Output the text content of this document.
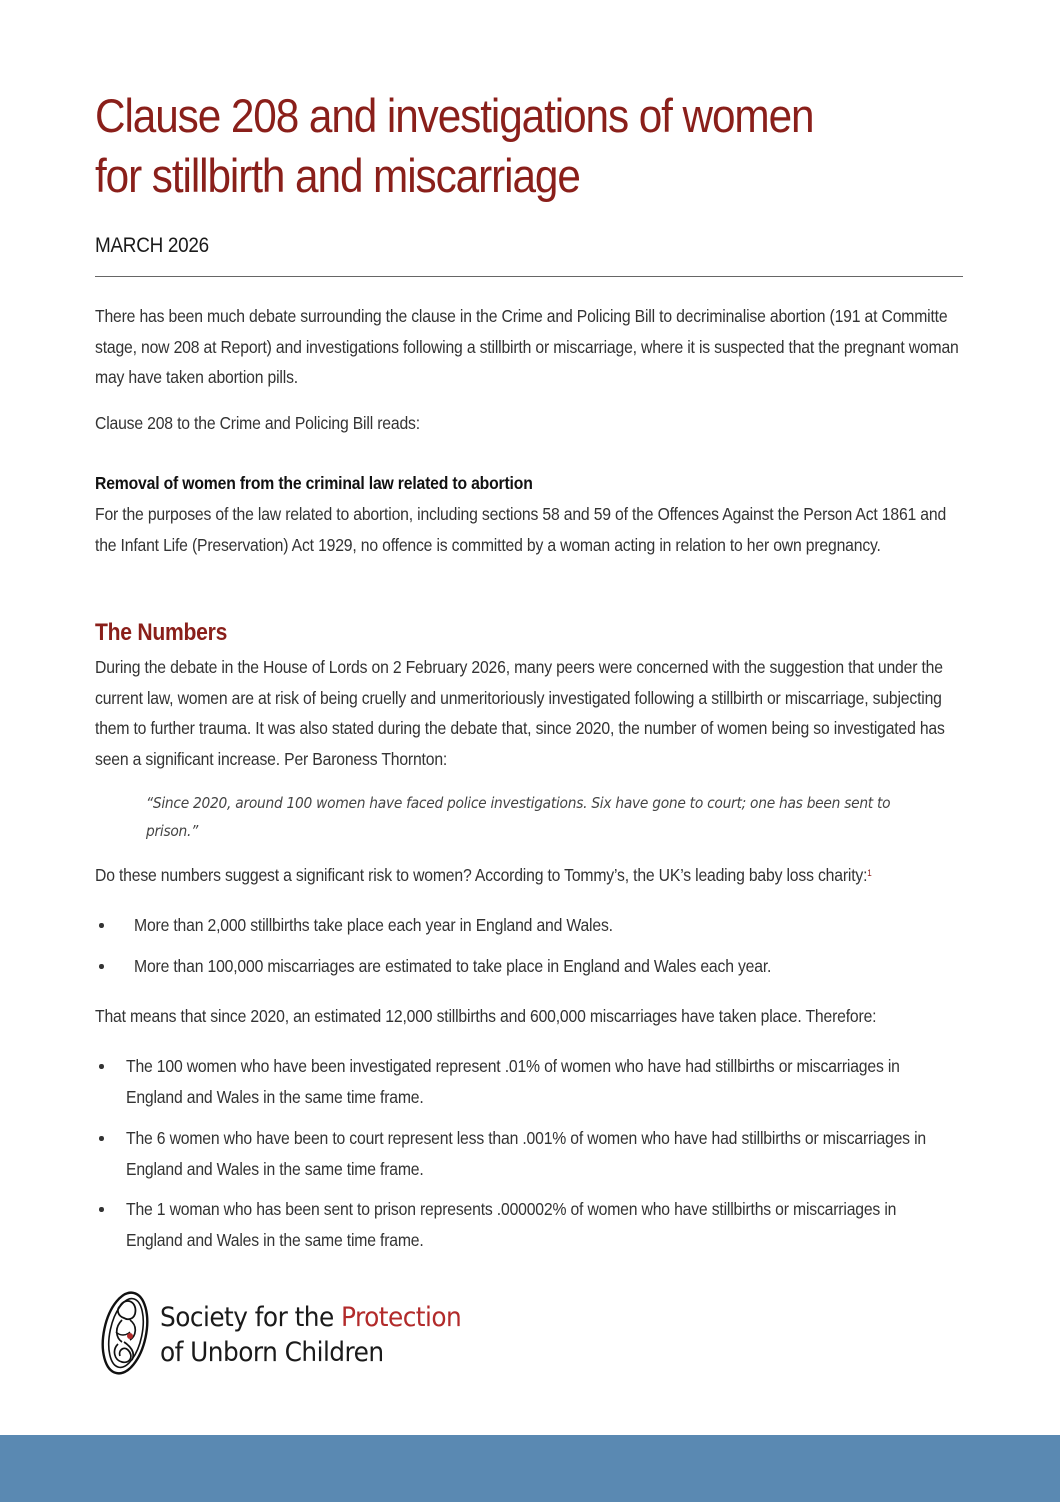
Clause 208 and investigations of women
for stillbirth and miscarriage
MARCH 2026

There has been much debate surrounding the clause in the Crime and Policing Bill to decriminalise abortion (191 at Committe stage, now 208 at Report) and investigations following a stillbirth or miscarriage, where it is suspected that the pregnant woman may have taken abortion pills.

Clause 208 to the Crime and Policing Bill reads:

Removal of women from the criminal law related to abortion

For the purposes of the law related to abortion, including sections 58 and 59 of the Offences Against the Person Act 1861 and the Infant Life (Preservation) Act 1929, no offence is committed by a woman acting in relation to her own pregnancy.

The Numbers

During the debate in the House of Lords on 2 February 2026, many peers were concerned with the suggestion that under the current law, women are at risk of being cruelly and unmeritoriously investigated following a stillbirth or miscarriage, subjecting them to further trauma. It was also stated during the debate that, since 2020, the number of women being so investigated has seen a significant increase. Per Baroness Thornton:

“Since 2020, around 100 women have faced police investigations. Six have gone to court; one has been sent to prison.”

Do these numbers suggest a significant risk to women? According to Tommy’s, the UK’s leading baby loss charity:$^1$

More than 2,000 stillbirths take place each year in England and Wales.
More than 100,000 miscarriages are estimated to take place in England and Wales each year.

That means that since 2020, an estimated 12,000 stillbirths and 600,000 miscarriages have taken place. Therefore:

The 100 women who have been investigated represent .01% of women who have had stillbirths or miscarriages in England and Wales in the same time frame.
The 6 women who have been to court represent less than .001% of women who have had stillbirths or miscarriages in England and Wales in the same time frame.
The 1 woman who has been sent to prison represents .000002% of women who have stillbirths or miscarriages in England and Wales in the same time frame.
Society for the Protection
of Unborn Children
